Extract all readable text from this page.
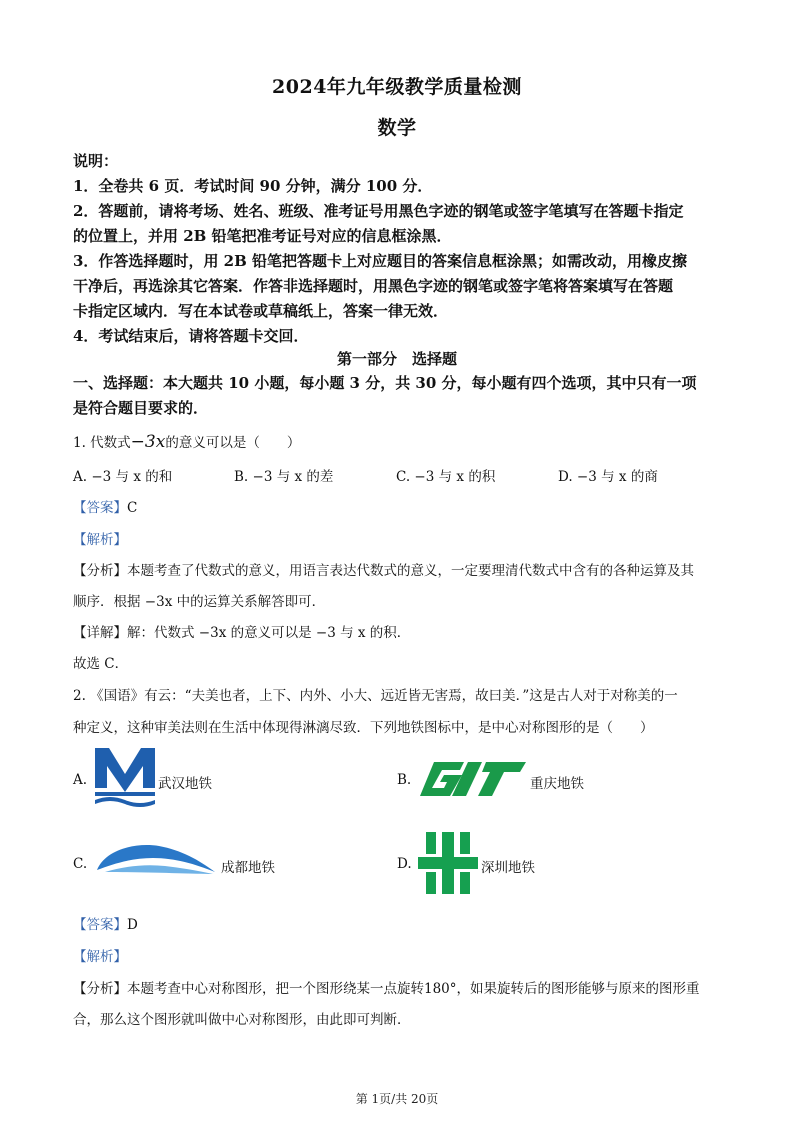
2024年九年级教学质量检测
数学
说明：
1．全卷共 6 页．考试时间 90 分钟，满分 100 分．
2．答题前，请将考场、姓名、班级、准考证号用黑色字迹的钢笔或签字笔填写在答题卡指定
的位置上，并用 2B 铅笔把准考证号对应的信息框涂黑．
3．作答选择题时，用 2B 铅笔把答题卡上对应题目的答案信息框涂黑；如需改动，用橡皮擦
干净后，再选涂其它答案．作答非选择题时，用黑色字迹的钢笔或签字笔将答案填写在答题
卡指定区域内．写在本试卷或草稿纸上，答案一律无效．
4．考试结束后，请将答题卡交回．
第一部分　选择题
一、选择题：本大题共 10 小题，每小题 3 分，共 30 分，每小题有四个选项，其中只有一项
是符合题目要求的．
1. 代数式−3x的意义可以是（　　）
A. −3 与 x 的和	B. −3 与 x 的差	C. −3 与 x 的积	D. −3 与 x 的商
【答案】C
【解析】
【分析】本题考查了代数式的意义，用语言表达代数式的意义，一定要理清代数式中含有的各种运算及其
顺序．根据 −3x 中的运算关系解答即可．
【详解】解：代数式 −3x 的意义可以是 −3 与 x 的积．
故选 C．
2. 《国语》有云：“夫美也者，上下、内外、小大、远近皆无害焉，故曰美．”这是古人对于对称美的一
种定义，这种审美法则在生活中体现得淋漓尽致．下列地铁图标中，是中心对称图形的是（　　）
A.	武汉地铁	B.	重庆地铁
C.	成都地铁	D.	深圳地铁
【答案】D
【解析】
【分析】本题考查中心对称图形，把一个图形绕某一点旋转180°，如果旋转后的图形能够与原来的图形重
合，那么这个图形就叫做中心对称图形，由此即可判断．
第 1页/共 20页
